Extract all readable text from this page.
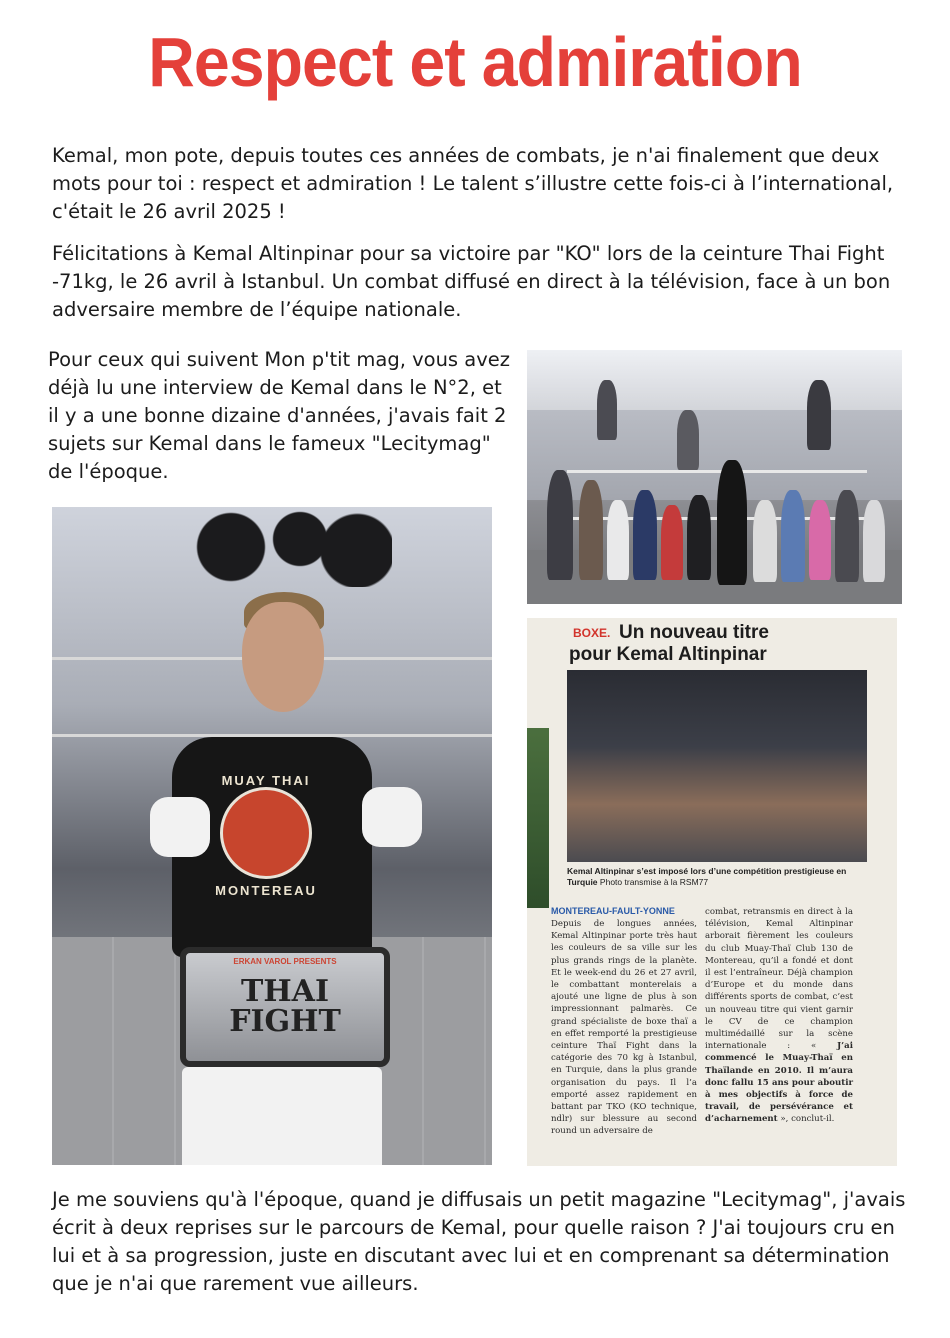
Respect et admiration

Kemal, mon pote, depuis toutes ces années de combats, je n'ai finalement que deux mots pour toi : respect et admiration ! Le talent s’illustre cette fois-ci à l’international, c'était le 26 avril 2025 !

Félicitations à Kemal Altinpinar pour sa victoire par "KO" lors de la ceinture Thai Fight -71kg, le 26 avril à Istanbul. Un combat diffusé en direct à la télévision, face à un bon adversaire membre de l’équipe nationale.

Pour ceux qui suivent Mon p'tit mag, vous avez déjà lu une interview de Kemal dans le N°2, et il y a une bonne dizaine d'années, j'avais fait 2 sujets sur Kemal dans le fameux "Lecitymag" de l'époque.

MUAY THAI
MONTEREAU
ERKAN VAROL PRESENTS
THAI FIGHT
BOXE. Un nouveau titre
pour Kemal Altinpinar
Kemal Altinpinar s’est imposé lors d’une compétition prestigieuse en Turquie Photo transmise à la RSM77
MONTEREAU-FAULT-YONNE
Depuis de longues années, Kemal Altinpinar porte très haut les couleurs de sa ville sur les plus grands rings de la planète. Et le week-end du 26 et 27 avril, le combattant monterelais a ajouté une ligne de plus à son impressionnant palmarès. Ce grand spécialiste de boxe thaï a en effet remporté la prestigieuse ceinture Thaï Fight dans la catégorie des 70 kg à Istanbul, en Turquie, dans la plus grande organisation du pays. Il l’a emporté assez rapidement en battant par TKO (KO technique, ndlr) sur blessure au second round un adversaire de
combat, retransmis en direct à la télévision, Kemal Altinpinar arborait fièrement les couleurs du club Muay-Thaï Club 130 de Montereau, qu’il a fondé et dont il est l’entraîneur. Déjà champion d’Europe et du monde dans différents sports de combat, c’est un nouveau titre qui vient garnir le CV de ce champion multimédaillé sur la scène internationale : « J’ai commencé le Muay-Thaï en Thaïlande en 2010. Il m’aura donc fallu 15 ans pour aboutir à mes objectifs à force de travail, de persévérance et d’acharnement », conclut-il.

Je me souviens qu'à l'époque, quand je diffusais un petit magazine "Lecitymag", j'avais écrit à deux reprises sur le parcours de Kemal, pour quelle raison ? J'ai toujours cru en lui et à sa progression, juste en discutant avec lui et en comprenant sa détermination que je n'ai que rarement vue ailleurs.
